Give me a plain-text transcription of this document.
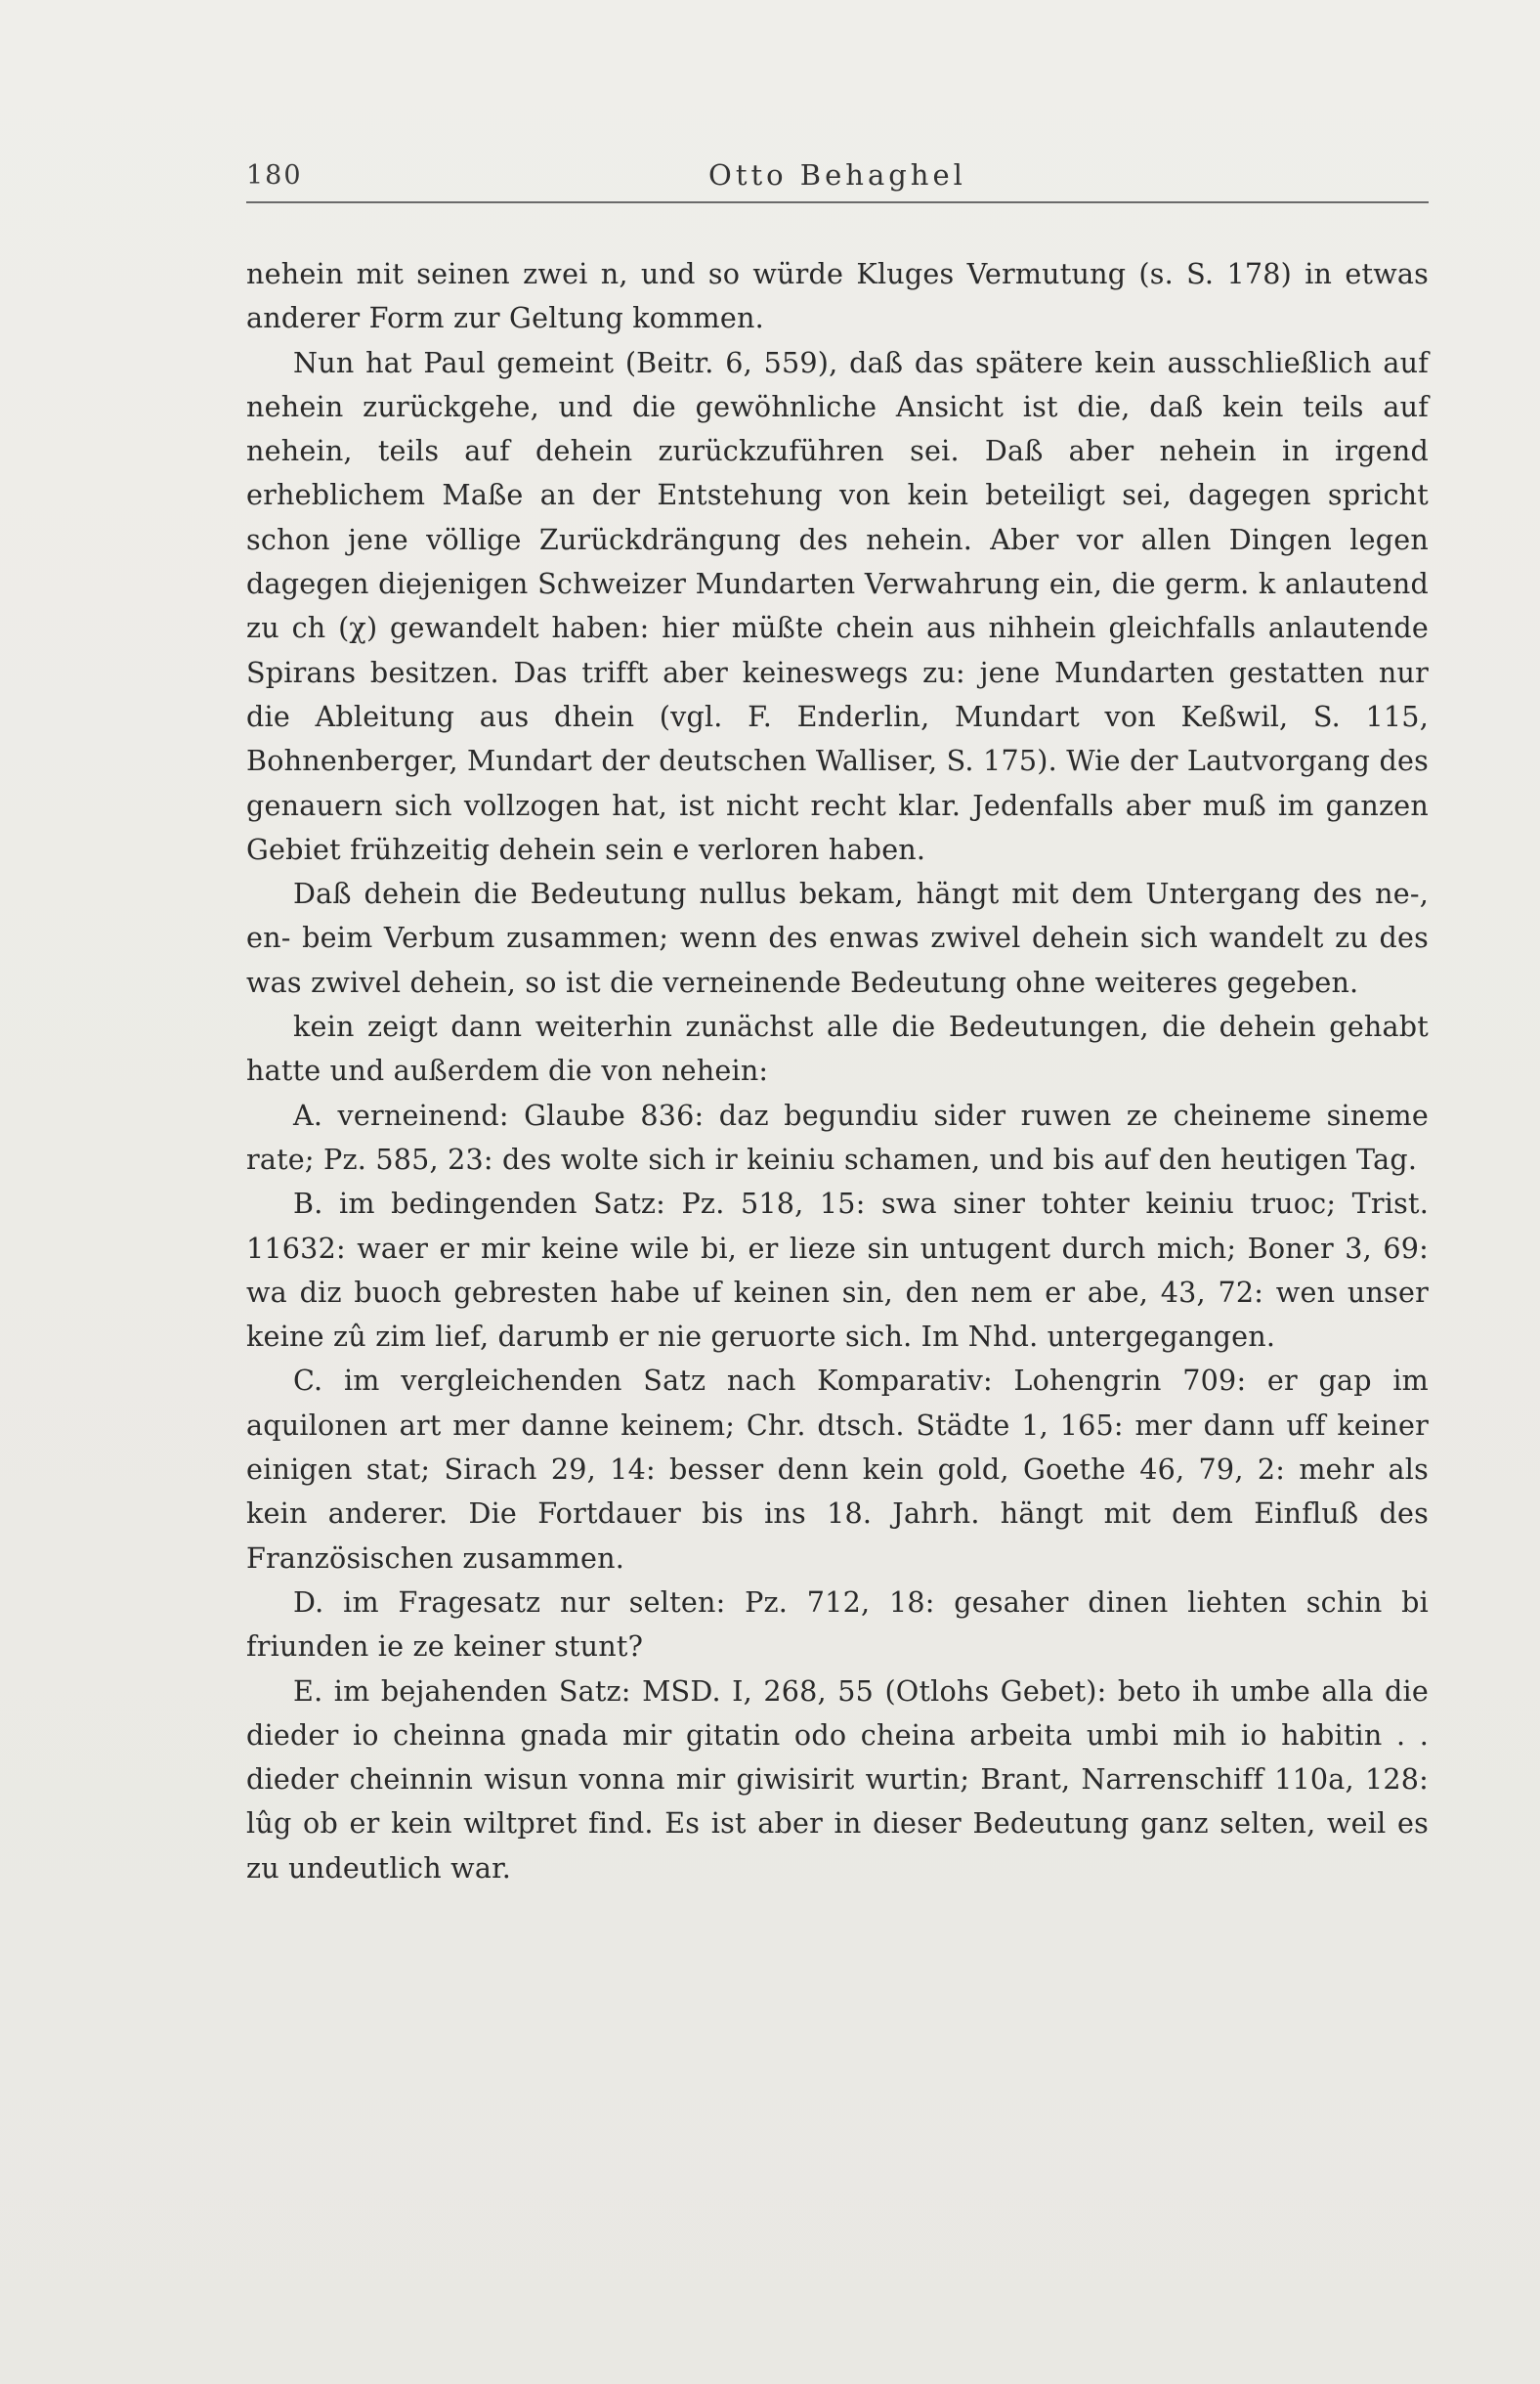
180	Otto Behaghel

nehein mit seinen zwei n, und so würde Kluges Vermutung (s. S. 178) in etwas anderer Form zur Geltung kommen.

Nun hat Paul gemeint (Beitr. 6, 559), daß das spätere kein ausschließlich auf nehein zurückgehe, und die gewöhnliche Ansicht ist die, daß kein teils auf nehein, teils auf dehein zurückzuführen sei. Daß aber nehein in irgend erheblichem Maße an der Entstehung von kein beteiligt sei, dagegen spricht schon jene völlige Zurückdrängung des nehein. Aber vor allen Dingen legen dagegen diejenigen Schweizer Mundarten Verwahrung ein, die germ. k anlautend zu ch (χ) gewandelt haben: hier müßte chein aus nihhein gleichfalls anlautende Spirans besitzen. Das trifft aber keineswegs zu: jene Mundarten gestatten nur die Ableitung aus dhein (vgl. F. Enderlin, Mundart von Keßwil, S. 115, Bohnenberger, Mundart der deutschen Walliser, S. 175). Wie der Lautvorgang des genauern sich vollzogen hat, ist nicht recht klar. Jedenfalls aber muß im ganzen Gebiet frühzeitig dehein sein e verloren haben.

Daß dehein die Bedeutung nullus bekam, hängt mit dem Untergang des ne-, en- beim Verbum zusammen; wenn des enwas zwivel dehein sich wandelt zu des was zwivel dehein, so ist die verneinende Bedeutung ohne weiteres gegeben.

kein zeigt dann weiterhin zunächst alle die Bedeutungen, die dehein gehabt hatte und außerdem die von nehein:

A. verneinend: Glaube 836: daz begundiu sider ruwen ze cheineme sineme rate; Pz. 585, 23: des wolte sich ir keiniu schamen, und bis auf den heutigen Tag.

B. im bedingenden Satz: Pz. 518, 15: swa siner tohter keiniu truoc; Trist. 11632: waer er mir keine wile bi, er lieze sin untugent durch mich; Boner 3, 69: wa diz buoch gebresten habe uf keinen sin, den nem er abe, 43, 72: wen unser keine zû zim lief, darumb er nie geruorte sich. Im Nhd. untergegangen.

C. im vergleichenden Satz nach Komparativ: Lohengrin 709: er gap im aquilonen art mer danne keinem; Chr. dtsch. Städte 1, 165: mer dann uff keiner einigen stat; Sirach 29, 14: besser denn kein gold, Goethe 46, 79, 2: mehr als kein anderer. Die Fortdauer bis ins 18. Jahrh. hängt mit dem Einfluß des Französischen zusammen.

D. im Fragesatz nur selten: Pz. 712, 18: gesaher dinen liehten schin bi friunden ie ze keiner stunt?

E. im bejahenden Satz: MSD. I, 268, 55 (Otlohs Gebet): beto ih umbe alla die dieder io cheinna gnada mir gitatin odo cheina arbeita umbi mih io habitin . . dieder cheinnin wisun vonna mir giwisirit wurtin; Brant, Narrenschiff 110a, 128: lûg ob er kein wiltpret find. Es ist aber in dieser Bedeutung ganz selten, weil es zu undeutlich war.
